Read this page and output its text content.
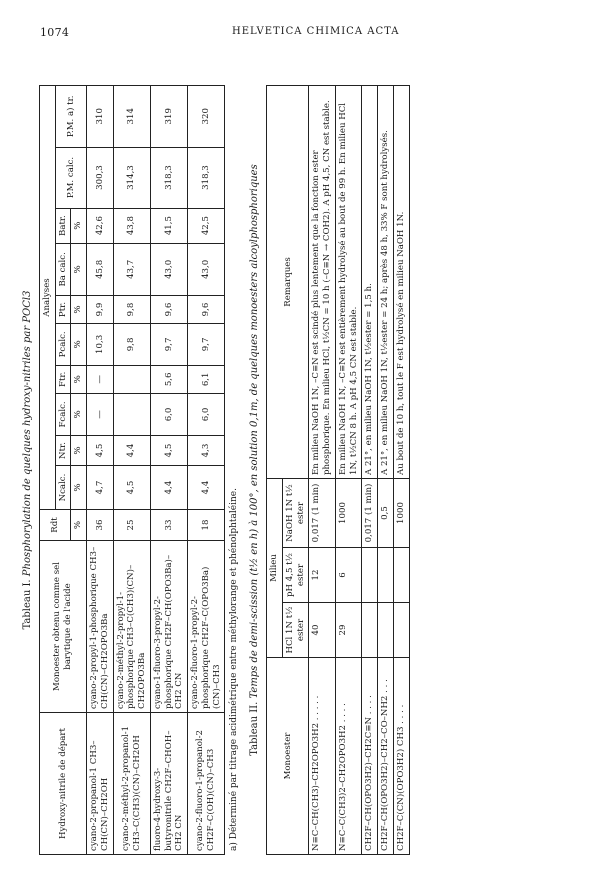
1074	HELVETICA CHIMICA ACTA
Tableau I. Phosphorylation de quelques hydroxy-nitriles par POCl3
Hydroxy-nitrile de départ	Monoester obtenu comme sel barytique de l'acide	Rdt	Analyses									
			Ncalc.	Ntr.	Fcalc.	Ftr.	Pcalc.	Ptr.	Ba calc.	Batr.	P.M. calc.	P.M. a) tr.
		%	%	%	%	%	%	%	%	%		
cyano-2-propanol-1 CH3–CH(CN)–CH2OH	cyano-2-propyl-1-phosphorique CH3–CH(CN)–CH2OPO3Ba	36	4,7	4,5	—	—	10,3	9,9	45,8	42,6	300,3	310
cyano-2-méthyl-2-propanol-1 CH3–C(CH3)(CN)–CH2OH	cyano-2-méthyl-2-propyl-1-phosphorique CH3–C(CH3)(CN)–CH2OPO3Ba	25	4,5	4,4			9,8	9,8	43,7	43,8	314,3	314
fluoro-4-hydroxy-3-butyronitrile CH2F–CHOH–CH2 CN	cyano-1-fluoro-3-propyl-2-phosphorique CH2F–CH(OPO3Ba)–CH2 CN	33	4,4	4,5	6,0	5,6	9,7	9,6	43,0	41,5	318,3	319
cyano-2-fluoro-1-propanol-2 CH2F–C(OH)(CN)–CH3	cyano-2-fluoro-1-propyl-2-phosphorique CH2F–C(OPO3Ba)(CN)–CH3	18	4,4	4,3	6,0	6,1	9,7	9,6	43,0	42,5	318,3	320
a) Déterminé par titrage acidimétrique entre méthylorange et phénolphtaléine. Tableau II. Temps de demi-scission (t½ en h) à 100°, en solution 0,1m, de quelques monoesters alcoylphosphoriques
Monoester	Milieu			Remarques
	HCl 1N t½ ester	pH 4,5 t½ ester	NaOH 1N t½ ester	
N≡C–CH(CH3)–CH2OPO3H2 . . . . .	40	12	0,017 (1 min)	En milieu NaOH 1N, –C≡N est scindé plus lentement que la fonction ester phosphorique. En milieu HCl, t½CN = 10 h (–C≡N → COH2). A pH 4,5, CN est stable.
N≡C–C(CH3)2–CH2OPO3H2 . . . .	29	6	1000	En milieu NaOH 1N, –C≡N est entièrement hydrolysé au bout de 99 h. En milieu HCl 1N, t½CN 8 h. A pH 4,5 CN est stable.
CH2F–CH(OPO3H2)–CH2C≡N . . . .			0,017 (1 min)	A 21°, en milieu NaOH 1N, t½ester = 1,5 h.
CH2F–CH(OPO3H2)–CH2–CO–NH2 . . .			0,5	A 21°, en milieu NaOH 1N, t½ester = 24 h; après 48 h, 33% F sont hydrolysés.
CH2F–C(CN)(OPO3H2) CH3 . . . .			1000	Au bout de 10 h, tout le F est hydrolysé en milieu NaOH 1N.
